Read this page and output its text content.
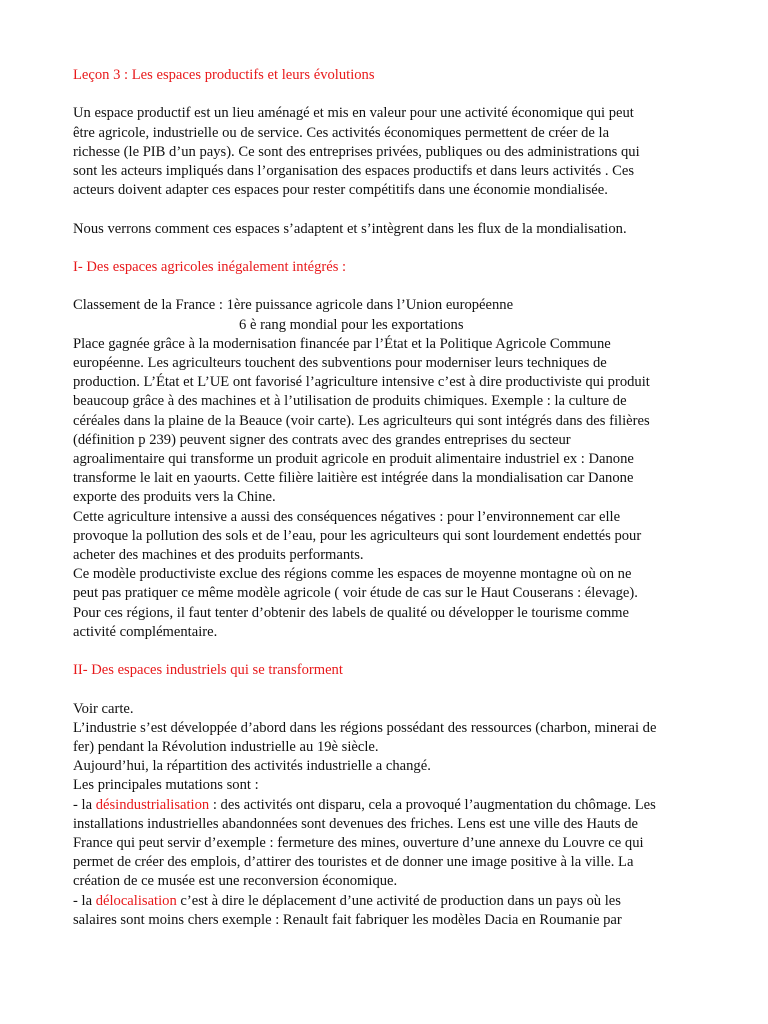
Leçon 3 : Les espaces productifs et leurs évolutions
Un espace productif est un lieu aménagé et mis en valeur pour une activité économique qui peut
être agricole, industrielle ou de service. Ces activités économiques permettent de créer de la
richesse (le PIB d’un pays). Ce sont des entreprises privées, publiques ou des administrations qui
sont les acteurs impliqués dans l’organisation des espaces productifs et dans leurs activités . Ces
acteurs doivent adapter ces espaces pour rester compétitifs dans une économie mondialisée.
Nous verrons comment ces espaces s’adaptent et s’intègrent dans les flux de la mondialisation.
I- Des espaces agricoles inégalement intégrés :
Classement de la France : 1ère puissance agricole dans l’Union européenne
6 è rang mondial pour les exportations
Place gagnée grâce à la modernisation financée par l’État et la Politique Agricole Commune
européenne. Les agriculteurs touchent des subventions pour moderniser leurs techniques de
production. L’État et L’UE ont favorisé l’agriculture intensive c’est à dire productiviste qui produit
beaucoup grâce à des machines et à l’utilisation de produits chimiques. Exemple : la culture de
céréales dans la plaine de la Beauce (voir carte). Les agriculteurs qui sont intégrés dans des filières
(définition p 239) peuvent signer des contrats avec des grandes entreprises du secteur
agroalimentaire qui transforme un produit agricole en produit alimentaire industriel ex : Danone
transforme le lait en yaourts. Cette filière laitière est intégrée dans la mondialisation car Danone
exporte des produits vers la Chine.
Cette agriculture intensive a aussi des conséquences négatives : pour l’environnement car elle
provoque la pollution des sols et de l’eau, pour les agriculteurs qui sont lourdement endettés pour
acheter des machines et des produits performants.
Ce modèle productiviste exclue des régions comme les espaces de moyenne montagne où on ne
peut pas pratiquer ce même modèle agricole ( voir étude de cas sur le Haut Couserans : élevage).
Pour ces régions, il faut tenter d’obtenir des labels de qualité ou développer le tourisme comme
activité complémentaire.
II- Des espaces industriels qui se transforment
Voir carte.
L’industrie s’est développée d’abord dans les régions possédant des ressources (charbon, minerai de
fer) pendant la Révolution industrielle au 19è siècle.
Aujourd’hui, la répartition des activités industrielle a changé.
Les principales mutations sont :
- la désindustrialisation : des activités ont disparu, cela a provoqué l’augmentation du chômage. Les
installations industrielles abandonnées sont devenues des friches. Lens est une ville des Hauts de
France qui peut servir d’exemple : fermeture des mines, ouverture d’une annexe du Louvre ce qui
permet de créer des emplois, d’attirer des touristes et de donner une image positive à la ville. La
création de ce musée est une reconversion économique.
- la délocalisation c’est à dire le déplacement d’une activité de production dans un pays où les
salaires sont moins chers exemple : Renault fait fabriquer les modèles Dacia en Roumanie par
